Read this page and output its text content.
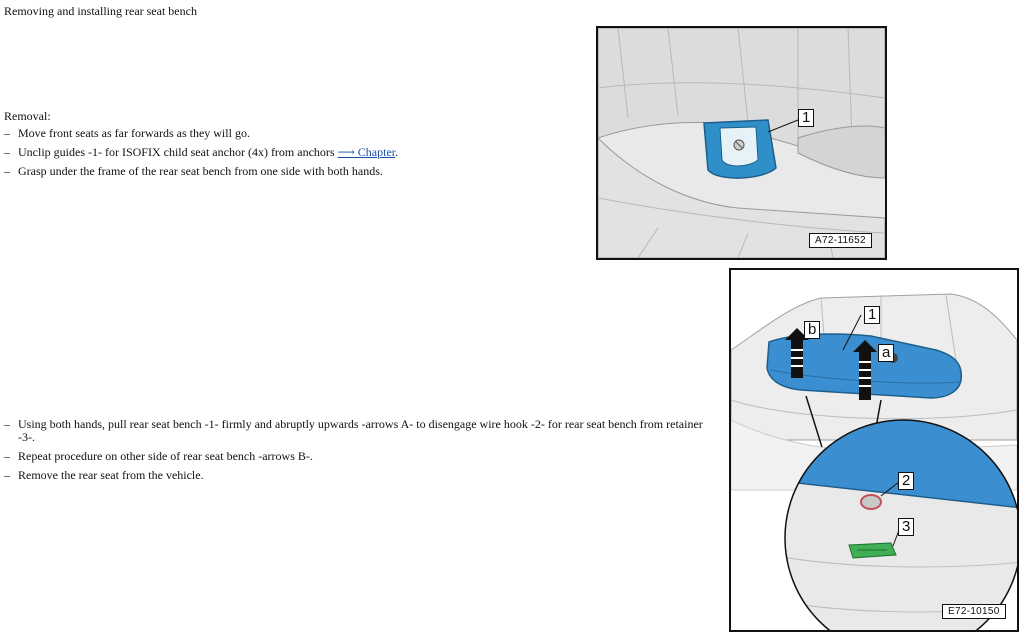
Removing and installing rear seat bench
Removal:
– Move front seats as far forwards as they will go.
– Unclip guides -1- for ISOFIX child seat anchor (4x) from anchors ⟶ Chapter.
– Grasp under the frame of the rear seat bench from one side with both hands.
– Using both hands, pull rear seat bench -1- firmly and abruptly upwards -arrows A- to disengage wire hook -2- for rear seat bench from retainer -3-.
– Repeat procedure on other side of rear seat bench -arrows B-.
– Remove the rear seat from the vehicle.
1
A72-11652
1
a
b
2
3
E72-10150
